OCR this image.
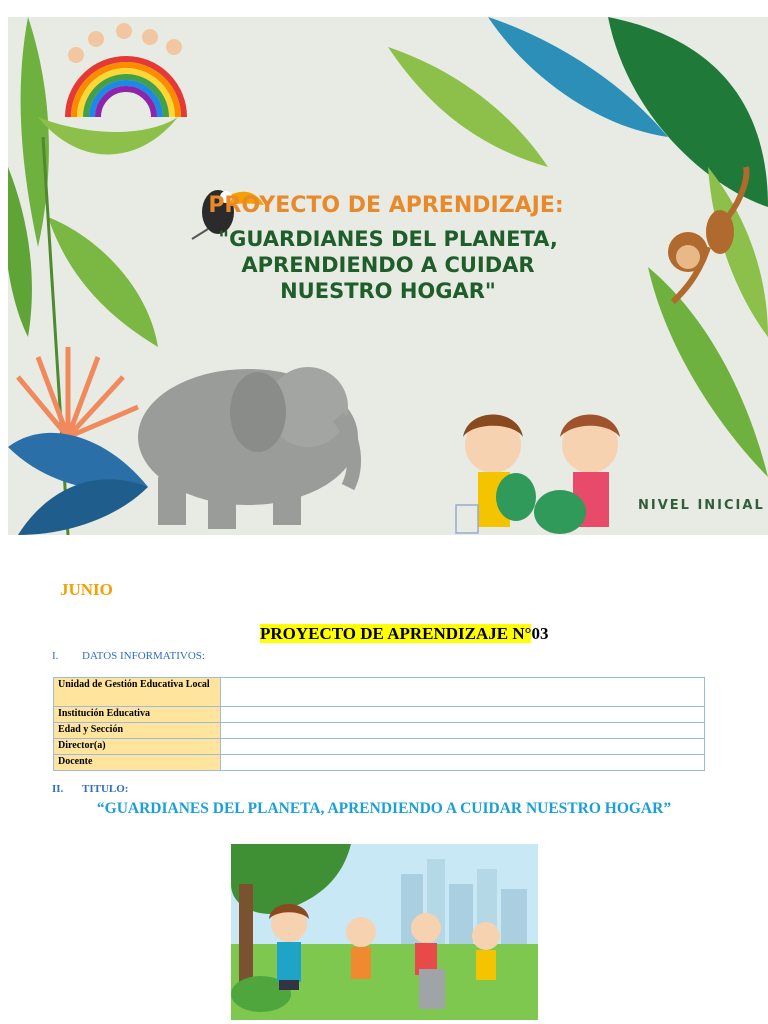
PROYECTO DE APRENDIZAJE:
"GUARDIANES DEL PLANETA,
APRENDIENDO A CUIDAR
NUESTRO HOGAR"
NIVEL INICIAL
JUNIO
PROYECTO DE APRENDIZAJE N°03
I. DATOS INFORMATIVOS:
Unidad de Gestión Educativa Local	
Institución Educativa	
Edad y Sección	
Director(a)	
Docente	
II. TITULO:
“GUARDIANES DEL PLANETA, APRENDIENDO A CUIDAR NUESTRO HOGAR”
